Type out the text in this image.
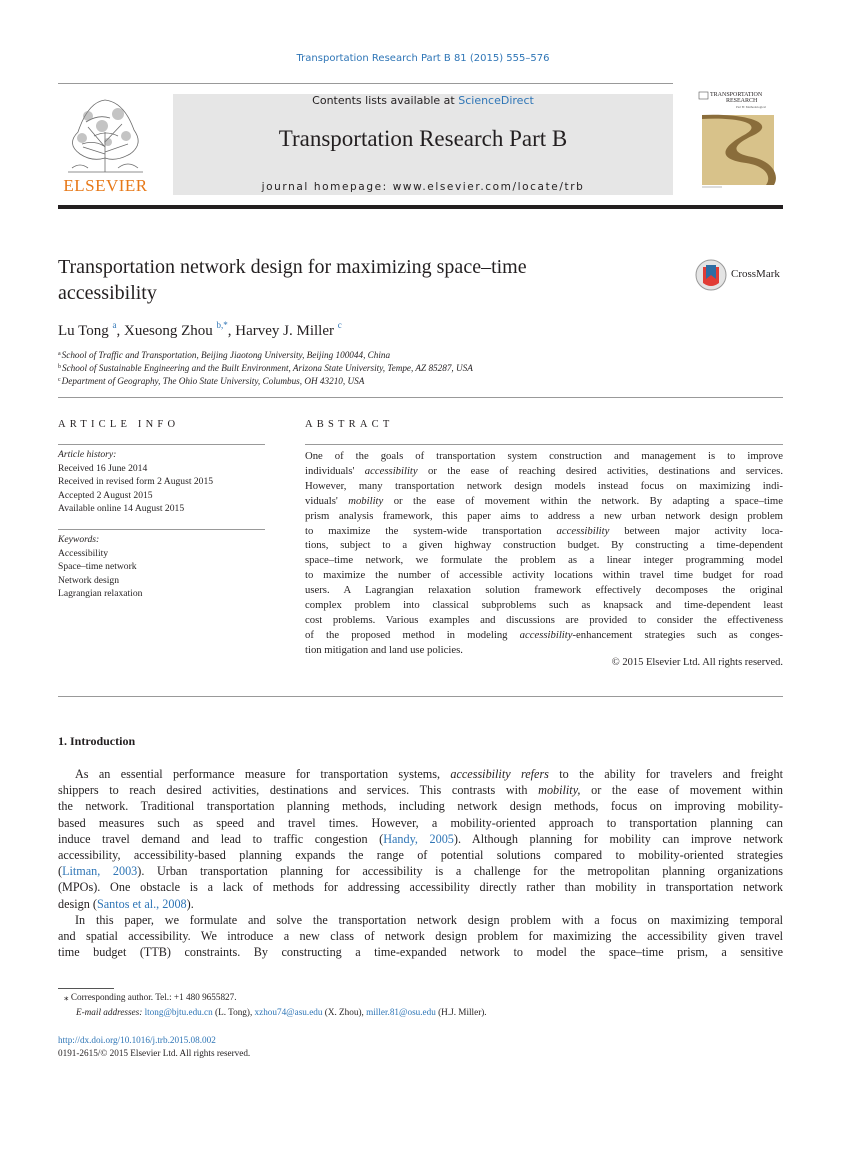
Transportation Research Part B 81 (2015) 555–576
ELSEVIER
Contents lists available at ScienceDirect
Transportation Research Part B
journal homepage: www.elsevier.com/locate/trb
TRANSPORTATION
RESEARCH
Part B: Methodological
Transportation network design for maximizing space–time
accessibility
CrossMark
Lu Tong $^a$, Xuesong Zhou $^{b,*}$, Harvey J. Miller $^c$
$^a$School of Traffic and Transportation, Beijing Jiaotong University, Beijing 100044, China
$^b$School of Sustainable Engineering and the Built Environment, Arizona State University, Tempe, AZ 85287, USA
$^c$Department of Geography, The Ohio State University, Columbus, OH 43210, USA
ARTICLE INFO
Article history:
Received 16 June 2014
Received in revised form 2 August 2015
Accepted 2 August 2015
Available online 14 August 2015
Keywords:
Accessibility
Space–time network
Network design
Lagrangian relaxation
ABSTRACT
One of the goals of transportation system construction and management is to improve
individuals' accessibility or the ease of reaching desired activities, destinations and services.
However, many transportation network design models instead focus on maximizing indi-
viduals' mobility or the ease of movement within the network. By adapting a space–time
prism analysis framework, this paper aims to address a new urban network design problem
to maximize the system-wide transportation accessibility between major activity loca-
tions, subject to a given highway construction budget. By constructing a time-dependent
space–time network, we formulate the problem as a linear integer programming model
to maximize the number of accessible activity locations within travel time budget for road
users. A Lagrangian relaxation solution framework effectively decomposes the original
complex problem into classical subproblems such as knapsack and time-dependent least
cost problems. Various examples and discussions are provided to consider the effectiveness
of the proposed method in modeling accessibility-enhancement strategies such as conges-
tion mitigation and land use policies.
© 2015 Elsevier Ltd. All rights reserved.
1. Introduction
As an essential performance measure for transportation systems, accessibility refers to the ability for travelers and freight
shippers to reach desired activities, destinations and services. This contrasts with mobility, or the ease of movement within
the network. Traditional transportation planning methods, including network design methods, focus on improving mobility-
based measures such as speed and travel times. However, a mobility-oriented approach to transportation planning can
induce travel demand and lead to traffic congestion (Handy, 2005). Although planning for mobility can improve network
accessibility, accessibility-based planning expands the range of potential solutions compared to mobility-oriented strategies
(Litman, 2003). Urban transportation planning for accessibility is a challenge for the metropolitan planning organizations
(MPOs). One obstacle is a lack of methods for addressing accessibility directly rather than mobility in transportation network
design (Santos et al., 2008).
In this paper, we formulate and solve the transportation network design problem with a focus on maximizing temporal
and spatial accessibility. We introduce a new class of network design problem for maximizing the accessibility given travel
time budget (TTB) constraints. By constructing a time-expanded network to model the space–time prism, a sensitive
⁎ Corresponding author. Tel.: +1 480 9655827.
E-mail addresses: ltong@bjtu.edu.cn (L. Tong), xzhou74@asu.edu (X. Zhou), miller.81@osu.edu (H.J. Miller).
http://dx.doi.org/10.1016/j.trb.2015.08.002
0191-2615/© 2015 Elsevier Ltd. All rights reserved.
